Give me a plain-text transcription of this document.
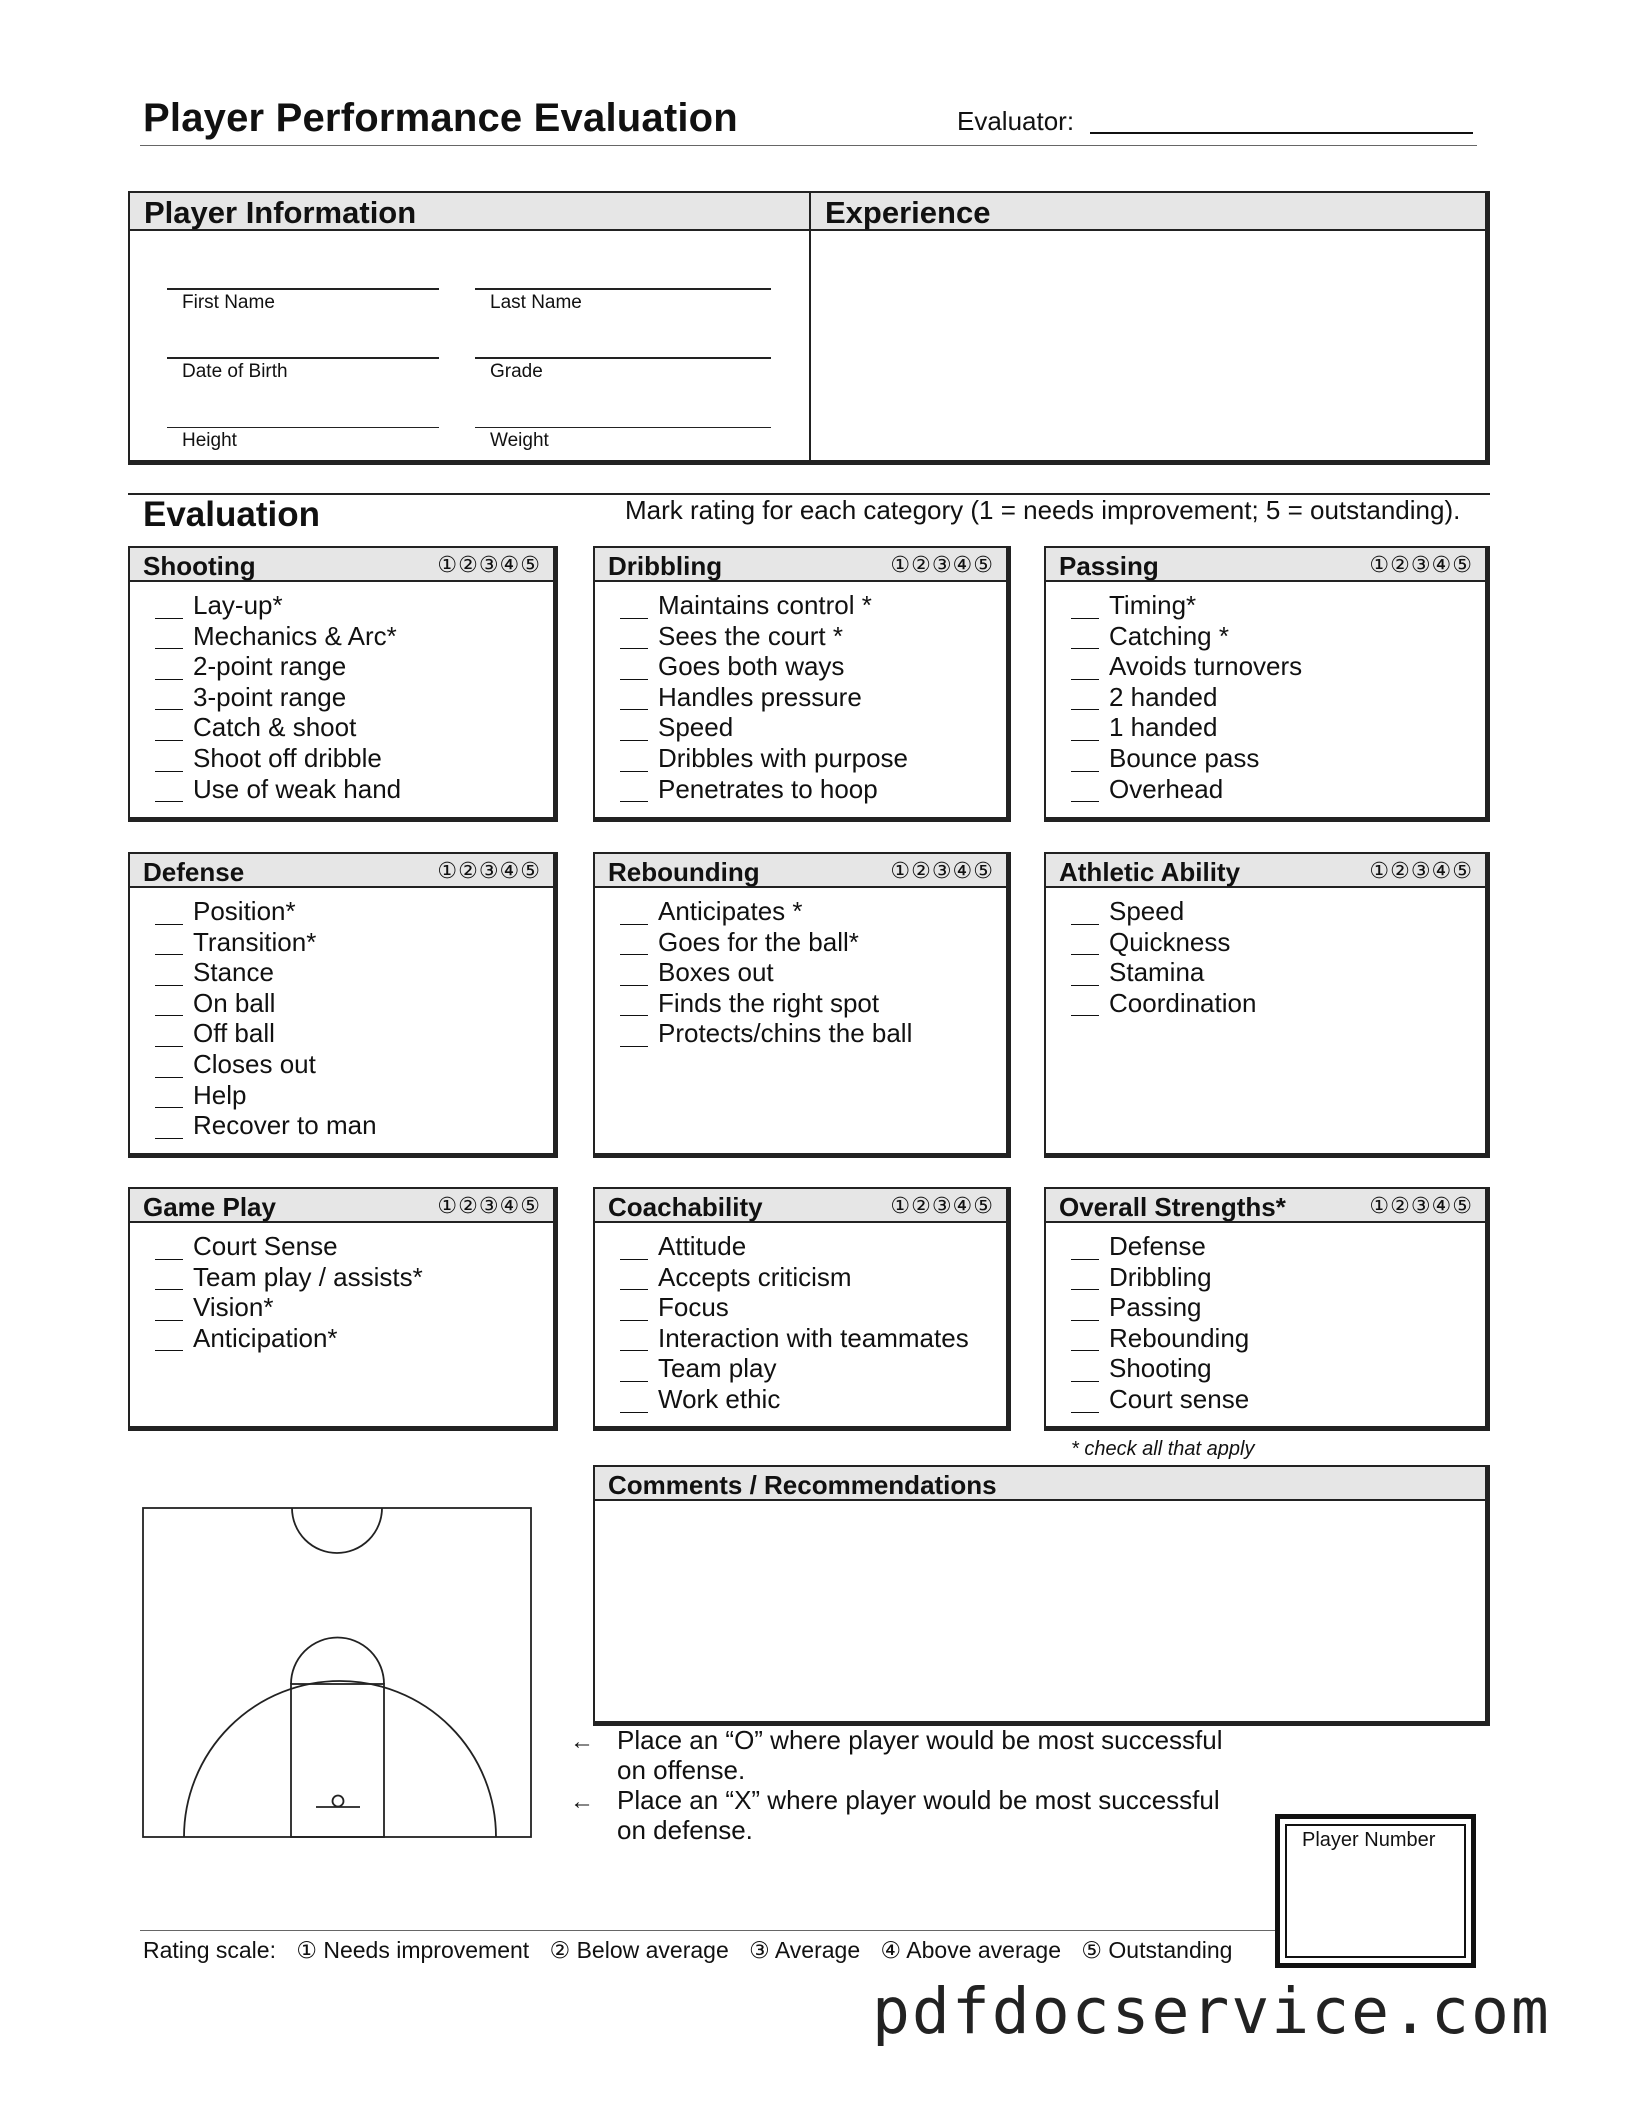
Player Performance Evaluation	Evaluator:
Player Information
First Name	Last Name
Date of Birth	Grade
Height	Weight
Experience
Evaluation	Mark rating for each category (1 = needs improvement; 5 = outstanding).
Shooting	①②③④⑤
Lay-up*
Mechanics & Arc*
2-point range
3-point range
Catch & shoot
Shoot off dribble
Use of weak hand
Dribbling	①②③④⑤
Maintains control *
Sees the court *
Goes both ways
Handles pressure
Speed
Dribbles with purpose
Penetrates to hoop
Passing	①②③④⑤
Timing*
Catching *
Avoids turnovers
2 handed
1 handed
Bounce pass
Overhead
Defense	①②③④⑤
Position*
Transition*
Stance
On ball
Off ball
Closes out
Help
Recover to man
Rebounding	①②③④⑤
Anticipates *
Goes for the ball*
Boxes out
Finds the right spot
Protects/chins the ball
Athletic Ability	①②③④⑤
Speed
Quickness
Stamina
Coordination
Game Play	①②③④⑤
Court Sense
Team play / assists*
Vision*
Anticipation*
Coachability	①②③④⑤
Attitude
Accepts criticism
Focus
Interaction with teammates
Team play
Work ethic
Overall Strengths*	①②③④⑤
Defense
Dribbling
Passing
Rebounding
Shooting
Court sense
* check all that apply
Comments / Recommendations
← Place an “O” where player would be most successful
on offense.
← Place an “X” where player would be most successful
on defense.	Player Number
Rating scale: ① Needs improvement ② Below average ③ Average ④ Above average ⑤ Outstanding
pdfdocservice.com
